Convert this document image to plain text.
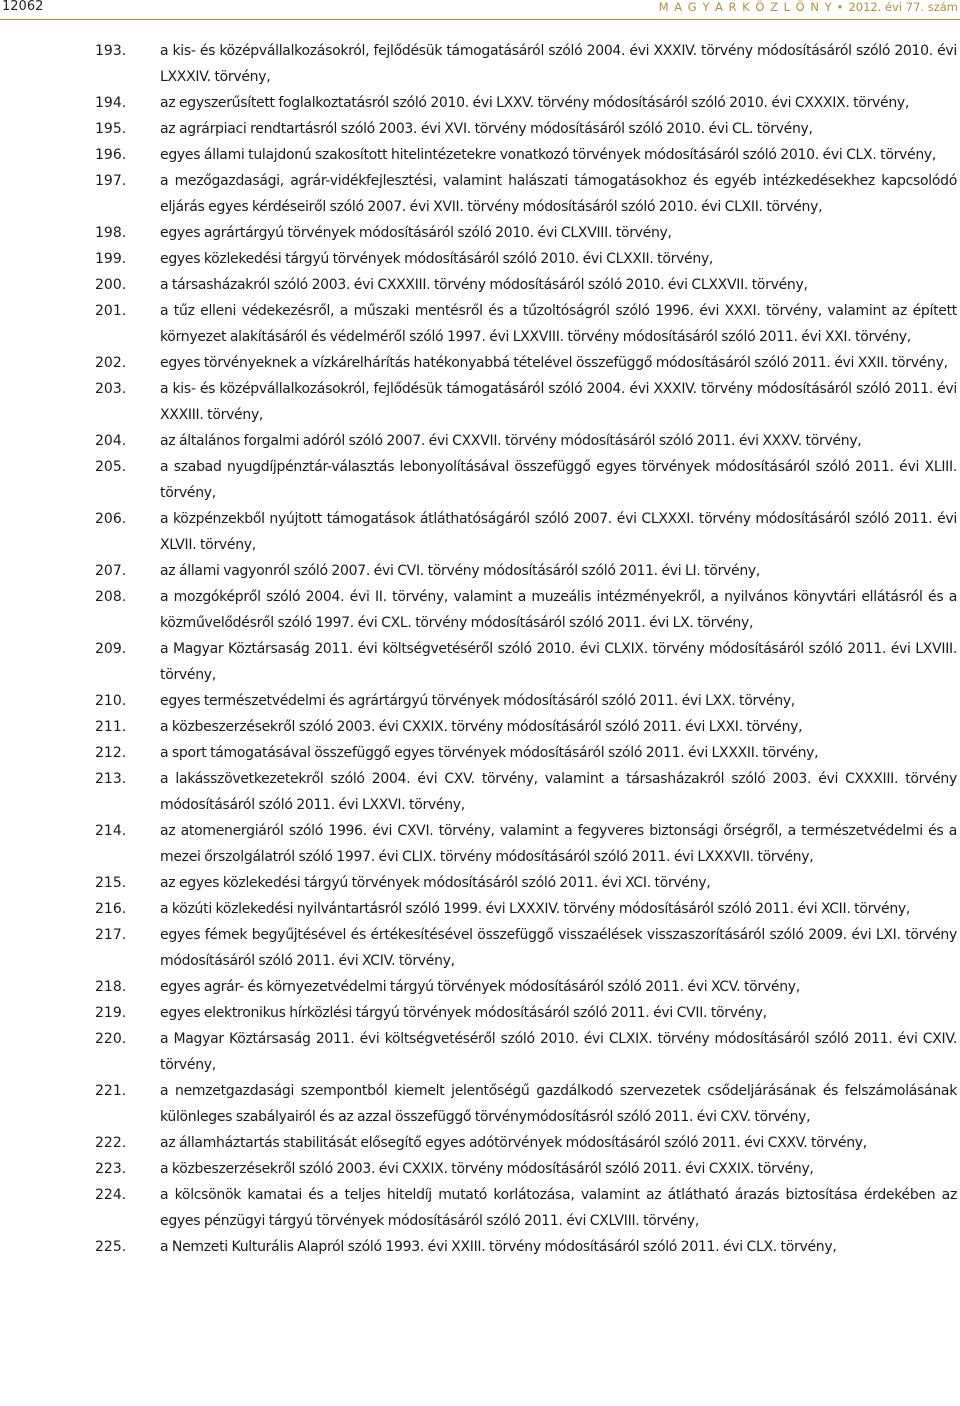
12062	M A G Y A R K Ö Z L Ö N Y • 2012. évi 77. szám
193.	a kis- és középvállalkozásokról, fejlődésük támogatásáról szóló 2004. évi XXXIV. törvény módosításáról szóló 2010. évi LXXXIV. törvény,
194.	az egyszerűsített foglalkoztatásról szóló 2010. évi LXXV. törvény módosításáról szóló 2010. évi CXXXIX. törvény,
195.	az agrárpiaci rendtartásról szóló 2003. évi XVI. törvény módosításáról szóló 2010. évi CL. törvény,
196.	egyes állami tulajdonú szakosított hitelintézetekre vonatkozó törvények módosításáról szóló 2010. évi CLX. törvény,
197.	a mezőgazdasági, agrár-vidékfejlesztési, valamint halászati támogatásokhoz és egyéb intézkedésekhez kapcsolódó eljárás egyes kérdéseiről szóló 2007. évi XVII. törvény módosításáról szóló 2010. évi CLXII. törvény,
198.	egyes agrártárgyú törvények módosításáról szóló 2010. évi CLXVIII. törvény,
199.	egyes közlekedési tárgyú törvények módosításáról szóló 2010. évi CLXXII. törvény,
200.	a társasházakról szóló 2003. évi CXXXIII. törvény módosításáról szóló 2010. évi CLXXVII. törvény,
201.	a tűz elleni védekezésről, a műszaki mentésről és a tűzoltóságról szóló 1996. évi XXXI. törvény, valamint az épített környezet alakításáról és védelméről szóló 1997. évi LXXVIII. törvény módosításáról szóló 2011. évi XXI. törvény,
202.	egyes törvényeknek a vízkárelhárítás hatékonyabbá tételével összefüggő módosításáról szóló 2011. évi XXII. törvény,
203.	a kis- és középvállalkozásokról, fejlődésük támogatásáról szóló 2004. évi XXXIV. törvény módosításáról szóló 2011. évi XXXIII. törvény,
204.	az általános forgalmi adóról szóló 2007. évi CXXVII. törvény módosításáról szóló 2011. évi XXXV. törvény,
205.	a szabad nyugdíjpénztár-választás lebonyolításával összefüggő egyes törvények módosításáról szóló 2011. évi XLIII. törvény,
206.	a közpénzekből nyújtott támogatások átláthatóságáról szóló 2007. évi CLXXXI. törvény módosításáról szóló 2011. évi XLVII. törvény,
207.	az állami vagyonról szóló 2007. évi CVI. törvény módosításáról szóló 2011. évi LI. törvény,
208.	a mozgóképről szóló 2004. évi II. törvény, valamint a muzeális intézményekről, a nyilvános könyvtári ellátásról és a közművelődésről szóló 1997. évi CXL. törvény módosításáról szóló 2011. évi LX. törvény,
209.	a Magyar Köztársaság 2011. évi költségvetéséről szóló 2010. évi CLXIX. törvény módosításáról szóló 2011. évi LXVIII. törvény,
210.	egyes természetvédelmi és agrártárgyú törvények módosításáról szóló 2011. évi LXX. törvény,
211.	a közbeszerzésekről szóló 2003. évi CXXIX. törvény módosításáról szóló 2011. évi LXXI. törvény,
212.	a sport támogatásával összefüggő egyes törvények módosításáról szóló 2011. évi LXXXII. törvény,
213.	a lakásszövetkezetekről szóló 2004. évi CXV. törvény, valamint a társasházakról szóló 2003. évi CXXXIII. törvény módosításáról szóló 2011. évi LXXVI. törvény,
214.	az atomenergiáról szóló 1996. évi CXVI. törvény, valamint a fegyveres biztonsági őrségről, a természetvédelmi és a mezei őrszolgálatról szóló 1997. évi CLIX. törvény módosításáról szóló 2011. évi LXXXVII. törvény,
215.	az egyes közlekedési tárgyú törvények módosításáról szóló 2011. évi XCI. törvény,
216.	a közúti közlekedési nyilvántartásról szóló 1999. évi LXXXIV. törvény módosításáról szóló 2011. évi XCII. törvény,
217.	egyes fémek begyűjtésével és értékesítésével összefüggő visszaélések visszaszorításáról szóló 2009. évi LXI. törvény módosításáról szóló 2011. évi XCIV. törvény,
218.	egyes agrár- és környezetvédelmi tárgyú törvények módosításáról szóló 2011. évi XCV. törvény,
219.	egyes elektronikus hírközlési tárgyú törvények módosításáról szóló 2011. évi CVII. törvény,
220.	a Magyar Köztársaság 2011. évi költségvetéséről szóló 2010. évi CLXIX. törvény módosításáról szóló 2011. évi CXIV. törvény,
221.	a nemzetgazdasági szempontból kiemelt jelentőségű gazdálkodó szervezetek csődeljárásának és felszámolásának különleges szabályairól és az azzal összefüggő törvénymódosításról szóló 2011. évi CXV. törvény,
222.	az államháztartás stabilitását elősegítő egyes adótörvények módosításáról szóló 2011. évi CXXV. törvény,
223.	a közbeszerzésekről szóló 2003. évi CXXIX. törvény módosításáról szóló 2011. évi CXXIX. törvény,
224.	a kölcsönök kamatai és a teljes hiteldíj mutató korlátozása, valamint az átlátható árazás biztosítása érdekében az egyes pénzügyi tárgyú törvények módosításáról szóló 2011. évi CXLVIII. törvény,
225.	a Nemzeti Kulturális Alapról szóló 1993. évi XXIII. törvény módosításáról szóló 2011. évi CLX. törvény,
